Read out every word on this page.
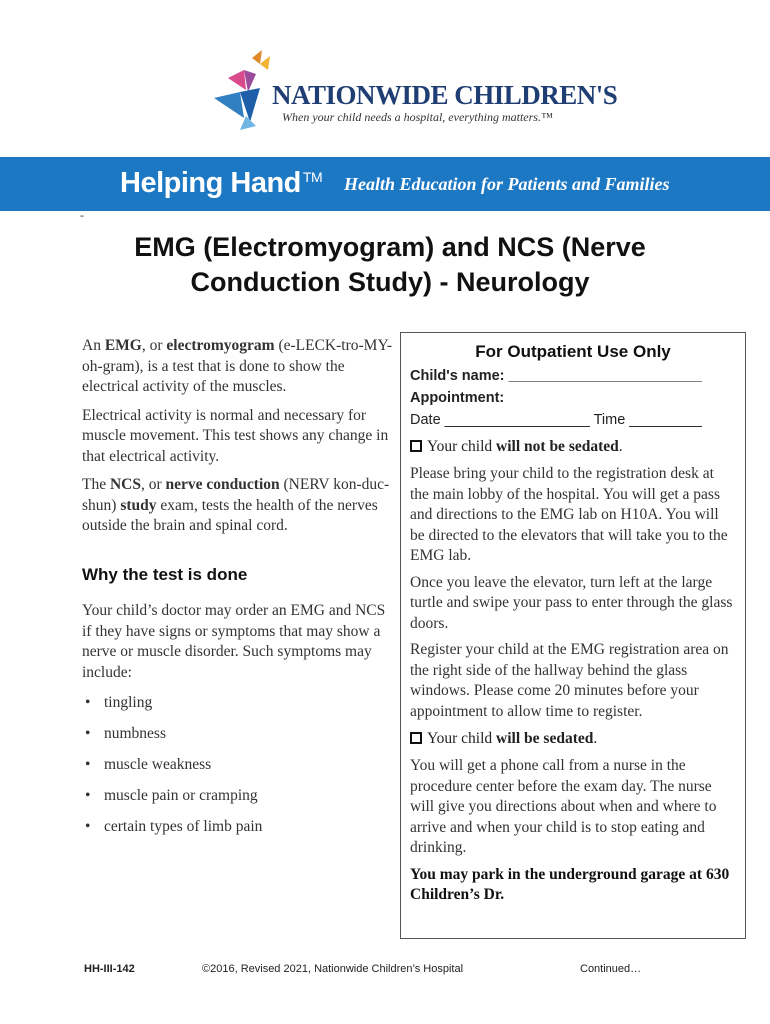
NATIONWIDE CHILDREN'S
When your child needs a hospital, everything matters.™
Helping Hand ™ Health Education for Patients and Families
-
EMG (Electromyogram) and NCS (Nerve Conduction Study) - Neurology

An EMG, or electromyogram (e-LECK-tro-MY-oh-gram), is a test that is done to show the electrical activity of the muscles.

Electrical activity is normal and necessary for muscle movement. This test shows any change in that electrical activity.

The NCS, or nerve conduction (NERV kon-duc-shun) study exam, tests the health of the nerves outside the brain and spinal cord.

Why the test is done

Your child’s doctor may order an EMG and NCS if they have signs or symptoms that may show a nerve or muscle disorder. Such symptoms may include:

• tingling
• numbness
• muscle weakness
• muscle pain or cramping
• certain types of limb pain
For Outpatient Use Only
Child's name: ________________________
Appointment:
Date __________________ Time _________
Your child will not be sedated.

Please bring your child to the registration desk at the main lobby of the hospital. You will get a pass and directions to the EMG lab on H10A. You will be directed to the elevators that will take you to the EMG lab.

Once you leave the elevator, turn left at the large turtle and swipe your pass to enter through the glass doors.

Register your child at the EMG registration area on the right side of the hallway behind the glass windows. Please come 20 minutes before your appointment to allow time to register.

Your child will be sedated.

You will get a phone call from a nurse in the procedure center before the exam day. The nurse will give you directions about when and where to arrive and when your child is to stop eating and drinking.

You may park in the underground garage at 630 Children’s Dr.

HH-III-142	©2016, Revised 2021, Nationwide Children’s Hospital	Continued…
